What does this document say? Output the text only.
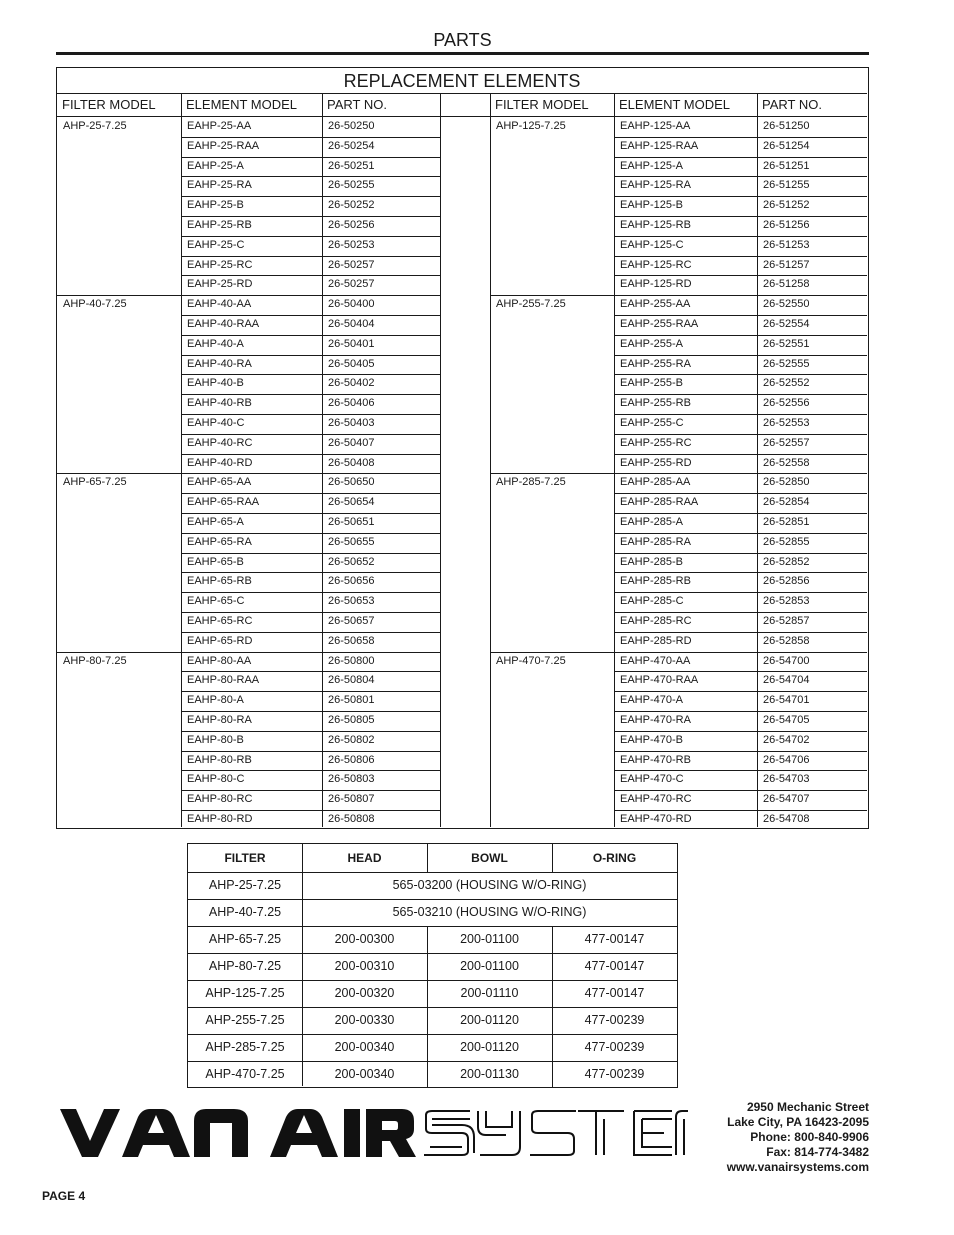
PARTS
REPLACEMENT ELEMENTS
FILTER MODEL	ELEMENT MODEL	PART NO.	FILTER MODEL	ELEMENT MODEL	PART NO.
AHP-25-7.25	EAHP-25-AA	26-50250
EAHP-25-RAA	26-50254
EAHP-25-A	26-50251
EAHP-25-RA	26-50255
EAHP-25-B	26-50252
EAHP-25-RB	26-50256
EAHP-25-C	26-50253
EAHP-25-RC	26-50257
EAHP-25-RD	26-50257
AHP-40-7.25	EAHP-40-AA	26-50400
EAHP-40-RAA	26-50404
EAHP-40-A	26-50401
EAHP-40-RA	26-50405
EAHP-40-B	26-50402
EAHP-40-RB	26-50406
EAHP-40-C	26-50403
EAHP-40-RC	26-50407
EAHP-40-RD	26-50408
AHP-65-7.25	EAHP-65-AA	26-50650
EAHP-65-RAA	26-50654
EAHP-65-A	26-50651
EAHP-65-RA	26-50655
EAHP-65-B	26-50652
EAHP-65-RB	26-50656
EAHP-65-C	26-50653
EAHP-65-RC	26-50657
EAHP-65-RD	26-50658
AHP-80-7.25	EAHP-80-AA	26-50800
EAHP-80-RAA	26-50804
EAHP-80-A	26-50801
EAHP-80-RA	26-50805
EAHP-80-B	26-50802
EAHP-80-RB	26-50806
EAHP-80-C	26-50803
EAHP-80-RC	26-50807
EAHP-80-RD	26-50808
AHP-125-7.25	EAHP-125-AA	26-51250
EAHP-125-RAA	26-51254
EAHP-125-A	26-51251
EAHP-125-RA	26-51255
EAHP-125-B	26-51252
EAHP-125-RB	26-51256
EAHP-125-C	26-51253
EAHP-125-RC	26-51257
EAHP-125-RD	26-51258
AHP-255-7.25	EAHP-255-AA	26-52550
EAHP-255-RAA	26-52554
EAHP-255-A	26-52551
EAHP-255-RA	26-52555
EAHP-255-B	26-52552
EAHP-255-RB	26-52556
EAHP-255-C	26-52553
EAHP-255-RC	26-52557
EAHP-255-RD	26-52558
AHP-285-7.25	EAHP-285-AA	26-52850
EAHP-285-RAA	26-52854
EAHP-285-A	26-52851
EAHP-285-RA	26-52855
EAHP-285-B	26-52852
EAHP-285-RB	26-52856
EAHP-285-C	26-52853
EAHP-285-RC	26-52857
EAHP-285-RD	26-52858
AHP-470-7.25	EAHP-470-AA	26-54700
EAHP-470-RAA	26-54704
EAHP-470-A	26-54701
EAHP-470-RA	26-54705
EAHP-470-B	26-54702
EAHP-470-RB	26-54706
EAHP-470-C	26-54703
EAHP-470-RC	26-54707
EAHP-470-RD	26-54708
FILTER	HEAD	BOWL	O-RING
AHP-25-7.25	565-03200 (HOUSING W/O-RING)
AHP-40-7.25	565-03210 (HOUSING W/O-RING)
AHP-65-7.25	200-00300	200-01100	477-00147
AHP-80-7.25	200-00310	200-01100	477-00147
AHP-125-7.25	200-00320	200-01110	477-00147
AHP-255-7.25	200-00330	200-01120	477-00239
AHP-285-7.25	200-00340	200-01120	477-00239
AHP-470-7.25	200-00340	200-01130	477-00239
2950 Mechanic Street
Lake City, PA 16423-2095
Phone: 800-840-9906
Fax: 814-774-3482
www.vanairsystems.com
PAGE 4
